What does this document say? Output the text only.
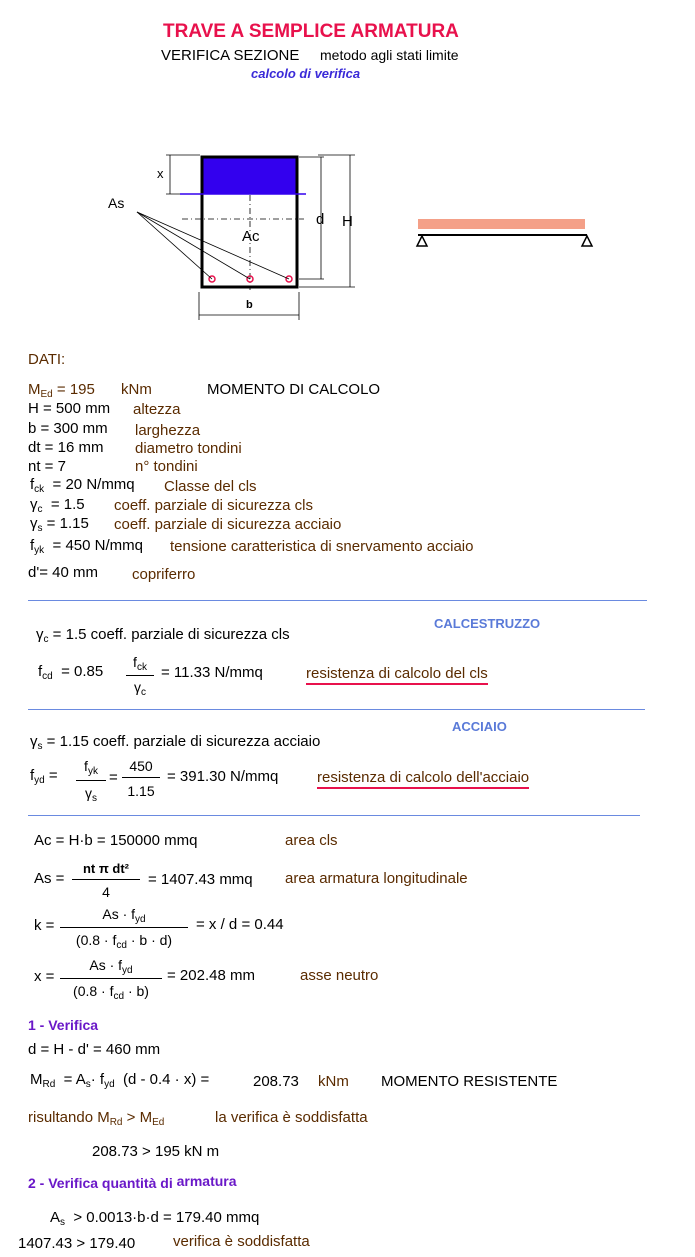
TRAVE A SEMPLICE ARMATURA
VERIFICA SEZIONE metodo agli stati limite
calcolo di verifica
x
As
Ac
d H
b
DATI:
$M_{Ed} = 195$ kNm	MOMENTO DI CALCOLO
H = 500 mm altezza
b = 300 mm larghezza
dt = 16 mm diametro tondini
nt = 7	n° tondini
$f_{ck} = 20$ N/mmq Classe del cls
$\gamma_c = 1.5$ coeff. parziale di sicurezza cls
$\gamma_s = 1.15$ coeff. parziale di sicurezza acciaio
$f_{yk} = 450$ N/mmq tensione caratteristica di snervamento acciaio
d'= 40 mm copriferro
CALCESTRUZZO
$\gamma_c = 1.5$ coeff. parziale di sicurezza cls
$f_{cd} = 0.85$
$f_{ck}$
$\gamma_c$
= 11.33 N/mmq	resistenza di calcolo del cls
ACCIAIO
$\gamma_s = 1.15$ coeff. parziale di sicurezza acciaio
$f_{yd}$ =
$f_{yk}$
$\gamma_s$
= $\frac{450}{1.15} = 391.30$ N/mmq	resistenza di calcolo dell'acciaio
Ac = H·b = 150000 mmq	area cls
$As = \frac{\text{nt π dt²}}{4} = 1407.43$ mmq area armatura longitudinale
k =
$As \cdot f_{yd}$
$(0.8 \cdot f_{cd} \cdot b \cdot d)$
= x / d = 0.44
x =
$As \cdot f_{yd}$
$(0.8 \cdot f_{cd} \cdot b)$
= 202.48 mm	asse neutro
1 - Verifica
d = H - d' = 460 mm
$M_{Rd} = A_s\cdot f_{yd}$ (d - 0.4 · x) =	208.73 kNm MOMENTO RESISTENTE
risultando $M_{Rd} > M_{Ed}$	la verifica è soddisfatta
208.73 > 195 kN m
2 - Verifica quantità di armatura
$A_s > 0.0013\cdot b\cdot d = 179.40$ mmq
1407.43 > 179.40	verifica è soddisfatta
